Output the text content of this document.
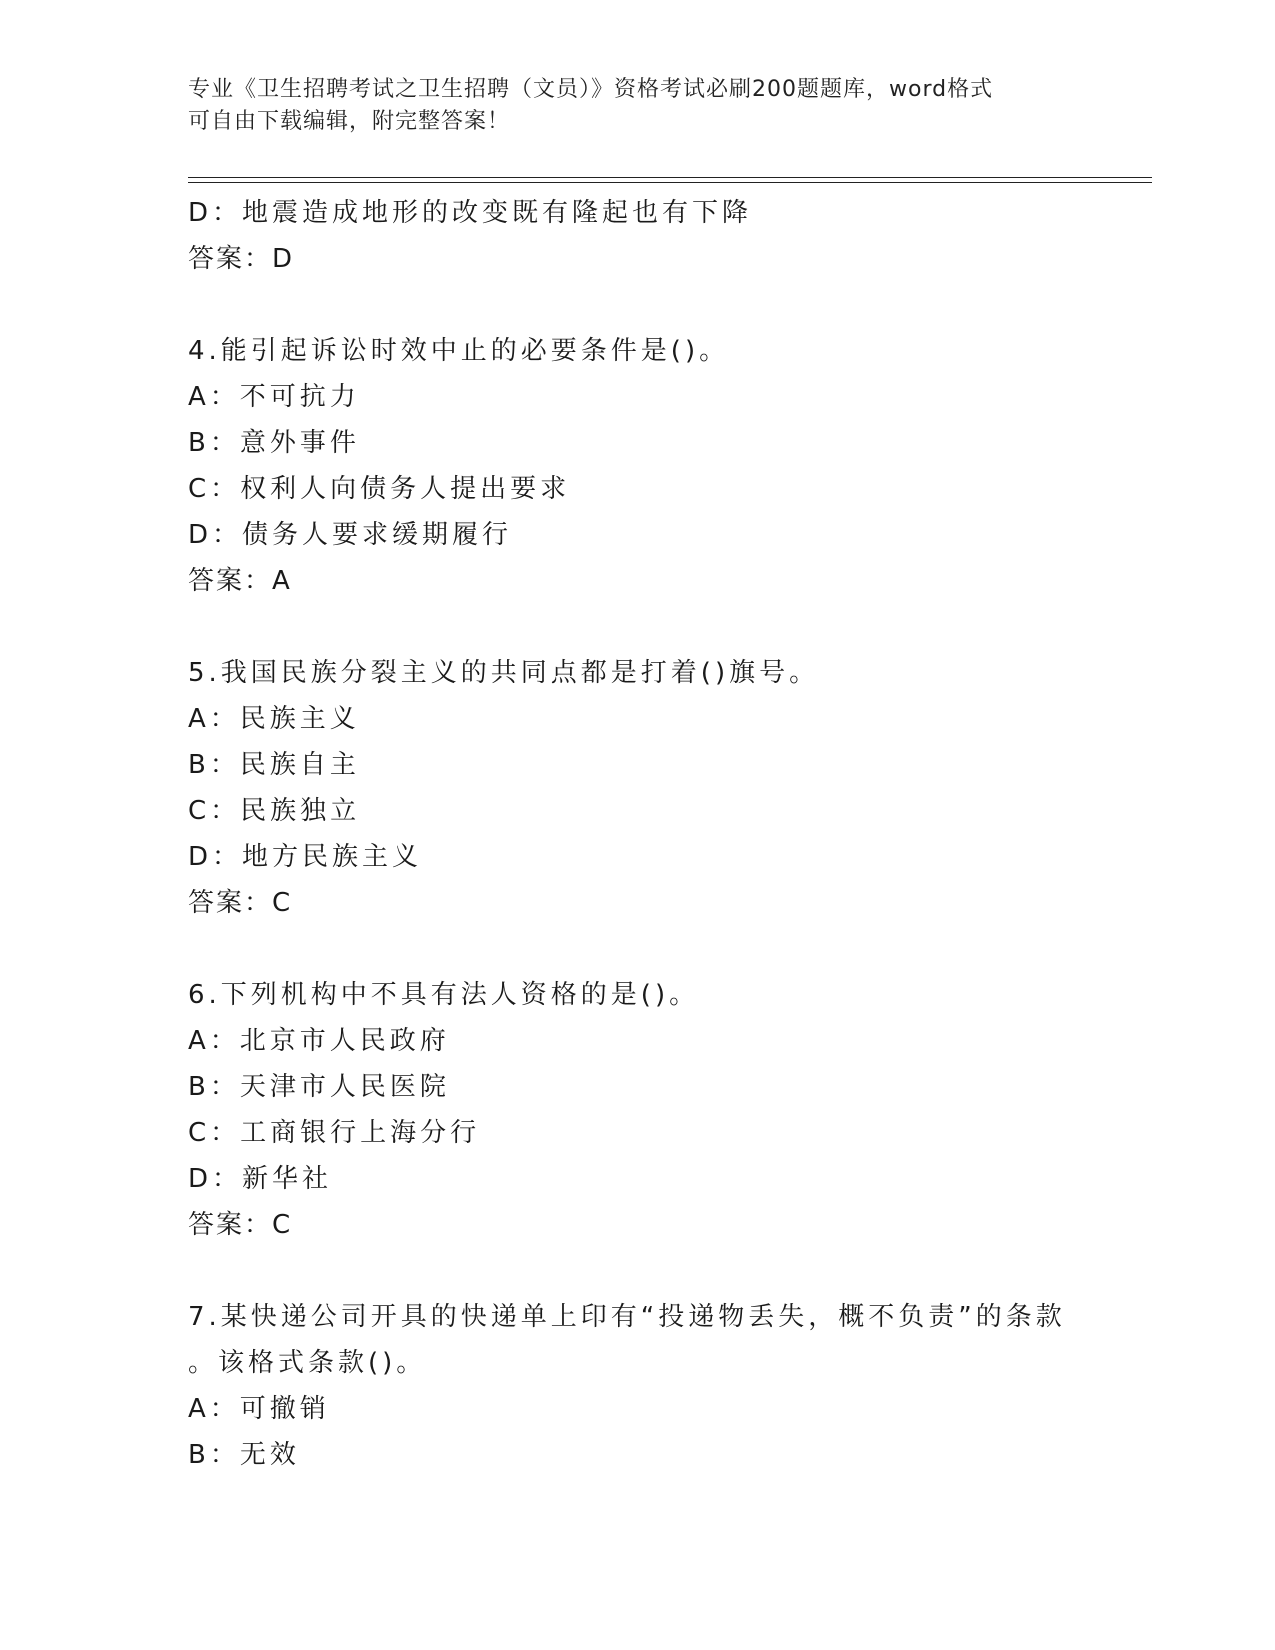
专业《卫生招聘考试之卫生招聘（文员）》资格考试必刷200题题库，word格式
可自由下载编辑，附完整答案！
D：地震造成地形的改变既有隆起也有下降
答案：D
4.能引起诉讼时效中止的必要条件是()。
A：不可抗力
B：意外事件
C：权利人向债务人提出要求
D：债务人要求缓期履行
答案：A
5.我国民族分裂主义的共同点都是打着()旗号。
A：民族主义
B：民族自主
C：民族独立
D：地方民族主义
答案：C
6.下列机构中不具有法人资格的是()。
A：北京市人民政府
B：天津市人民医院
C：工商银行上海分行
D：新华社
答案：C
7.某快递公司开具的快递单上印有“投递物丢失，概不负责”的条款
。该格式条款()。
A：可撤销
B：无效
